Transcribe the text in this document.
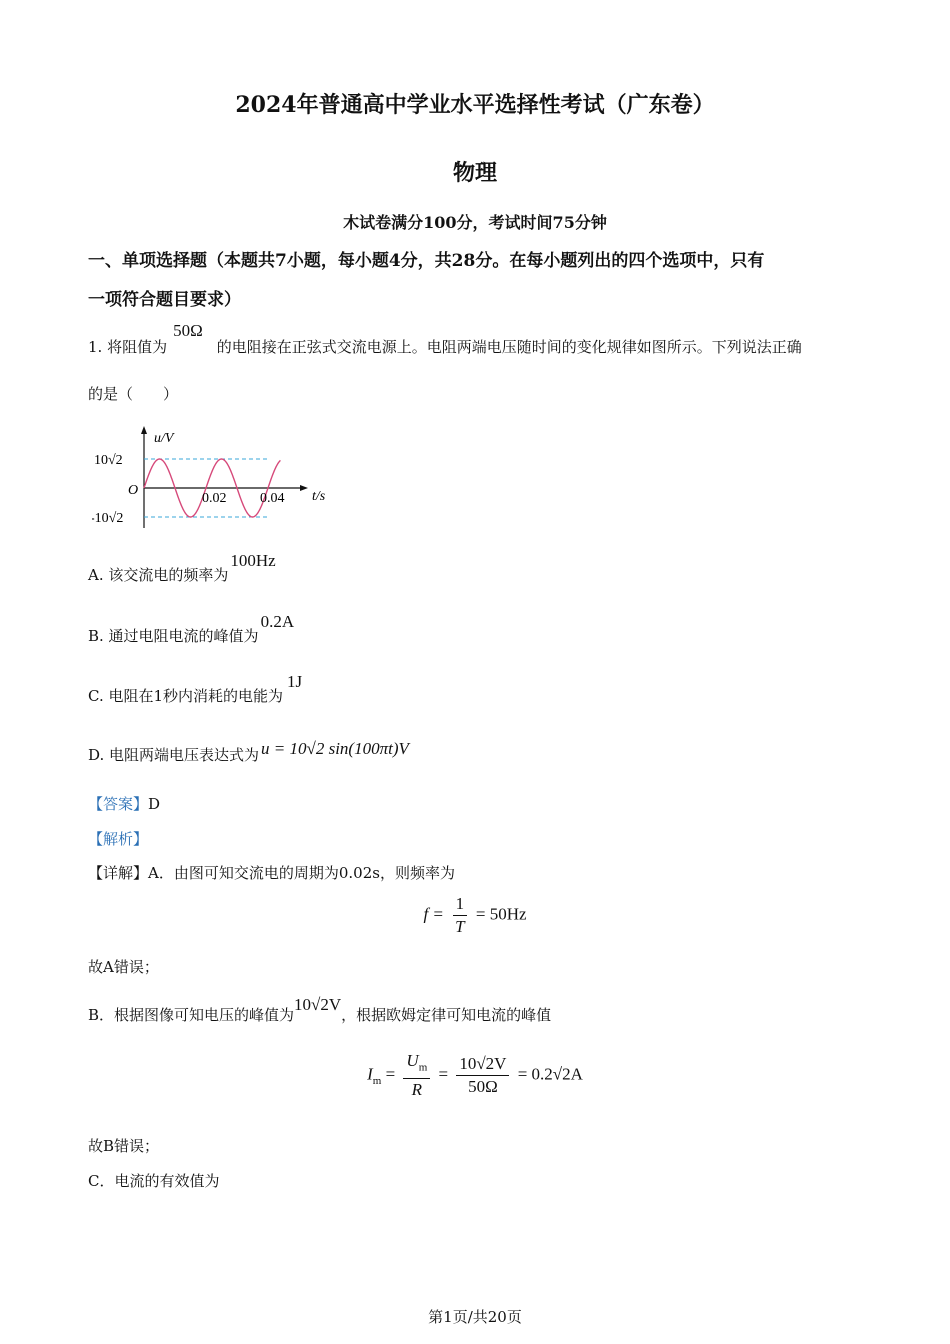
2024年普通高中学业水平选择性考试（广东卷）
物理
木试卷满分100分，考试时间75分钟
一、单项选择题（本题共7小题，每小题4分，共28分。在每小题列出的四个选项中，只有
一项符合题目要求）
1. 将阻值为50Ω的电阻接在正弦式交流电源上。电阻两端电压随时间的变化规律如图所示。下列说法正确
的是（　　）
u/V
t/s
O
10√2
-10√2
0.02 0.04
A. 该交流电的频率为100Hz
B. 通过电阻电流的峰值为0.2A
C. 电阻在1秒内消耗的电能为1J
D. 电阻两端电压表达式为 u = 10√2 sin(100πt)V
【答案】D
【解析】
【详解】A．由图可知交流电的周期为0.02s，则频率为
$f = \frac{1}{T} = 50Hz$
故A错误；
B．根据图像可知电压的峰值为10√2V，根据欧姆定律可知电流的峰值
$I_m = \frac{U_m}{R} = \frac{10√2V}{50\Omega} = 0.2√2A$
故B错误；
C．电流的有效值为
第1页/共20页
